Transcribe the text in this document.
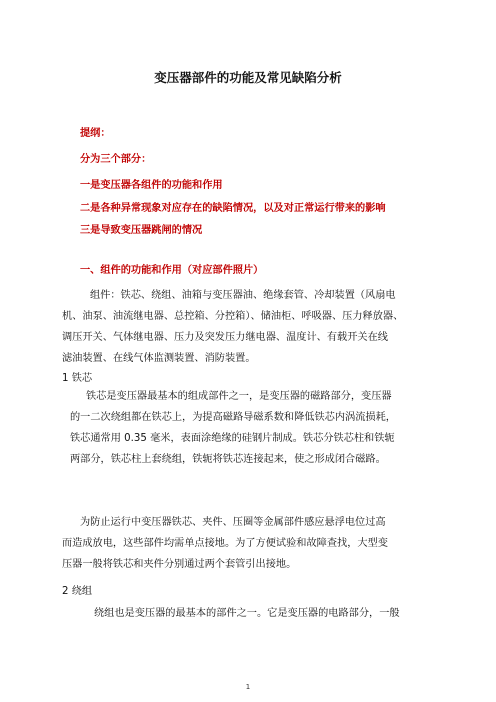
变压器部件的功能及常见缺陷分析
提纲：
分为三个部分：
一是变压器各组件的功能和作用
二是各种异常现象对应存在的缺陷情况，以及对正常运行带来的影响
三是导致变压器跳闸的情况
一、组件的功能和作用（对应部件照片）
组件：铁芯、绕组、油箱与变压器油、绝缘套管、冷却装置（风扇电
机、油泵、油流继电器、总控箱、分控箱）、储油柜、呼吸器、压力释放器、
调压开关、气体继电器、压力及突发压力继电器、温度计、有载开关在线
滤油装置、在线气体监测装置、消防装置。
1 铁芯
铁芯是变压器最基本的组成部件之一，是变压器的磁路部分，变压器
的一二次绕组都在铁芯上，为提高磁路导磁系数和降低铁芯内涡流损耗，
铁芯通常用 0.35 毫米，表面涂绝缘的硅钢片制成。铁芯分铁芯柱和铁轭
两部分，铁芯柱上套绕组，铁轭将铁芯连接起来，使之形成闭合磁路。
为防止运行中变压器铁芯、夹件、压圈等金属部件感应悬浮电位过高
而造成放电，这些部件均需单点接地。为了方便试验和故障查找，大型变
压器一般将铁芯和夹件分别通过两个套管引出接地。
2 绕组
绕组也是变压器的最基本的部件之一。它是变压器的电路部分，一般
1
